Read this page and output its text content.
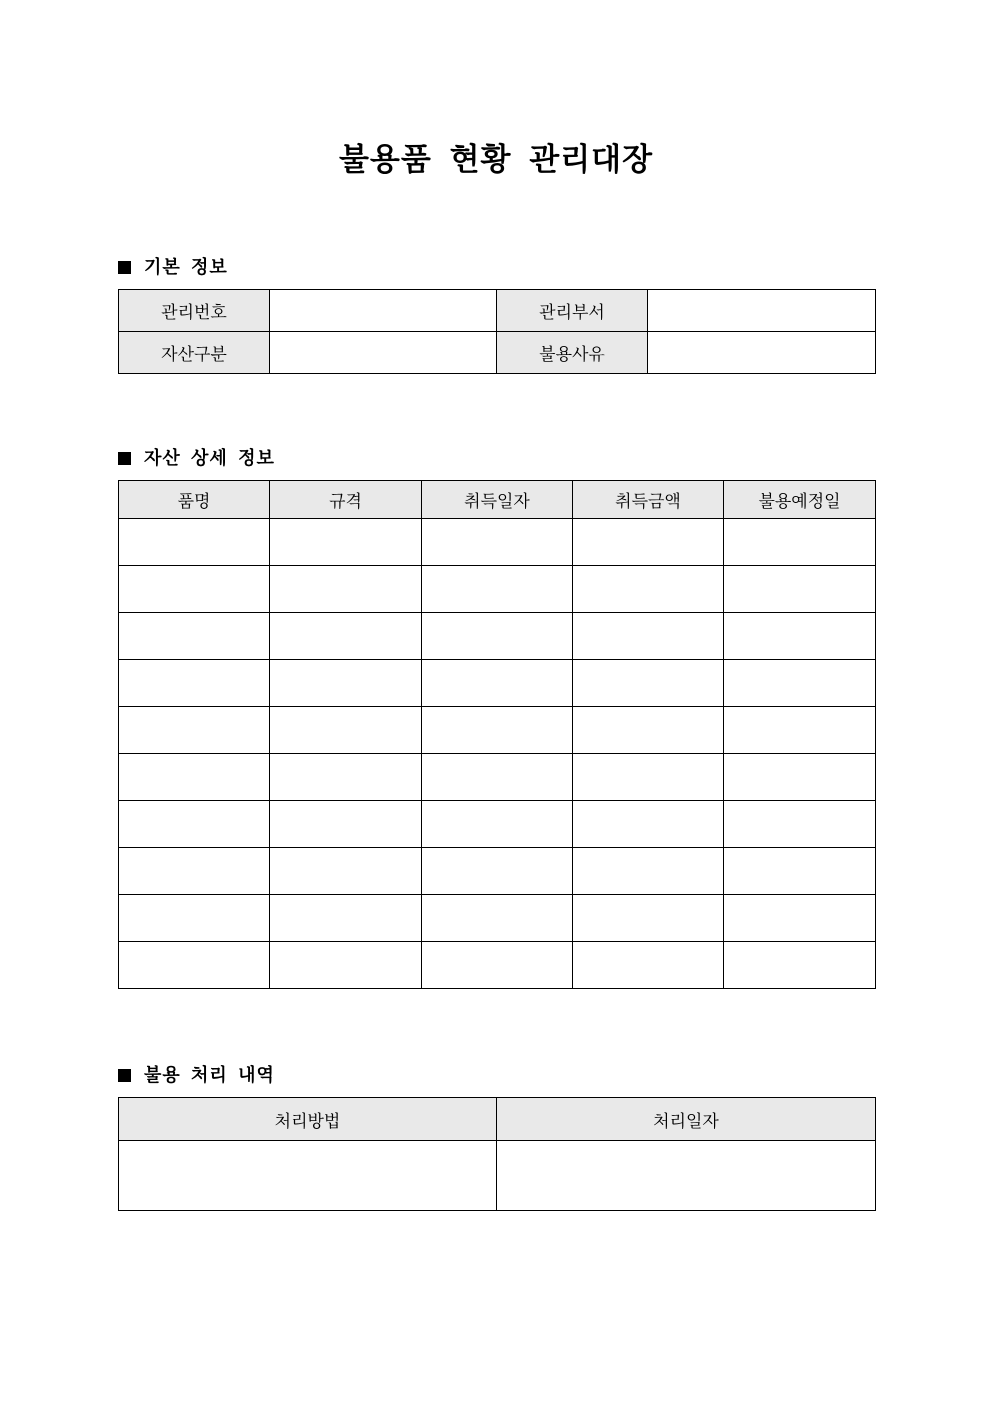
불용품 현황 관리대장
기본 정보
관리번호		관리부서	
자산구분		불용사유	
자산 상세 정보
품명	규격	취득일자	취득금액	불용예정일

불용 처리 내역
처리방법	처리일자
